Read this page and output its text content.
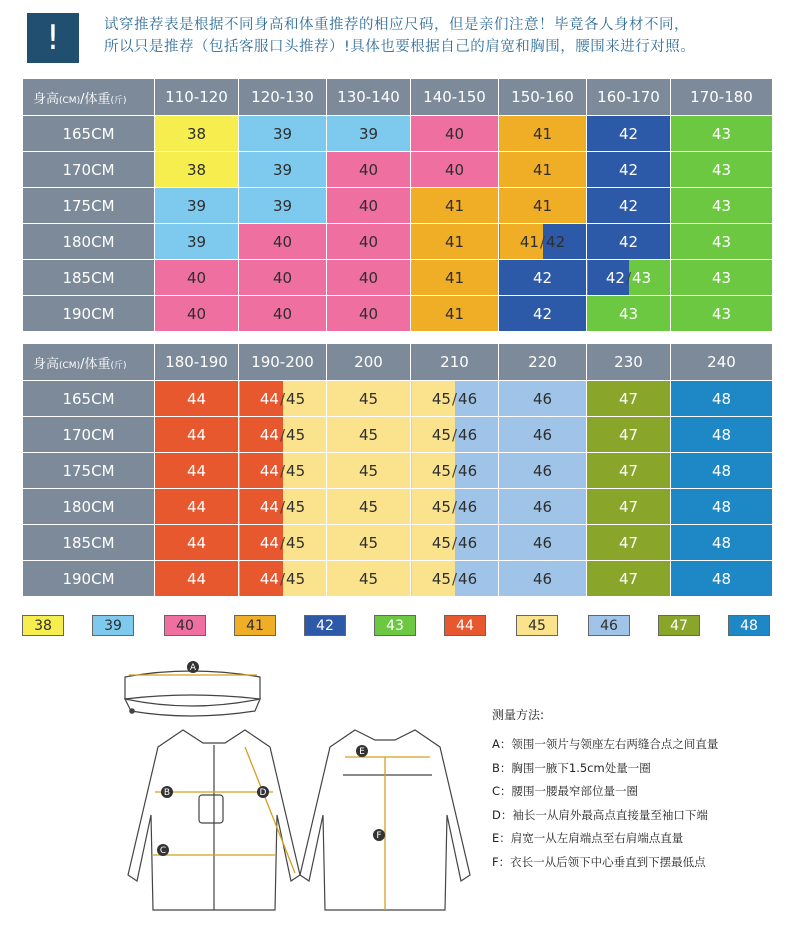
!	试穿推荐表是根据不同身高和体重推荐的相应尺码，但是亲们注意！毕竟各人身材不同，
所以只是推荐（包括客服口头推荐）!具体也要根据自己的肩宽和胸围，腰围来进行对照。
身高(CM)/体重(斤)	110-120	120-130	130-140	140-150	150-160	160-170	170-180
165CM	38	39	39	40	41	42	43
170CM	38	39	40	40	41	42	43
175CM	39	39	40	41	41	42	43
180CM	39	40	40	41	41/42	42	43
185CM	40	40	40	41	42	42/43	43
190CM	40	40	40	41	42	43	43
身高(CM)/体重(斤)	180-190	190-200	200	210	220	230	240
165CM	44	44/45	45	45/46	46	47	48
170CM	44	44/45	45	45/46	46	47	48
175CM	44	44/45	45	45/46	46	47	48
180CM	44	44/45	45	45/46	46	47	48
185CM	44	44/45	45	45/46	46	47	48
190CM	44	44/45	45	45/46	46	47	48
38	39	40	41	42	43	44	45	46	47	48
A
B
C
D
E
F
测量方法:
A：领围一领片与领座左右两缝合点之间直量
B：胸围一腋下1.5cm处量一圈
C：腰围一腰最窄部位量一圈
D：袖长一从肩外最高点直接量至袖口下端
E：肩宽一从左肩端点至右肩端点直量
F：衣长一从后领下中心垂直到下摆最低点
